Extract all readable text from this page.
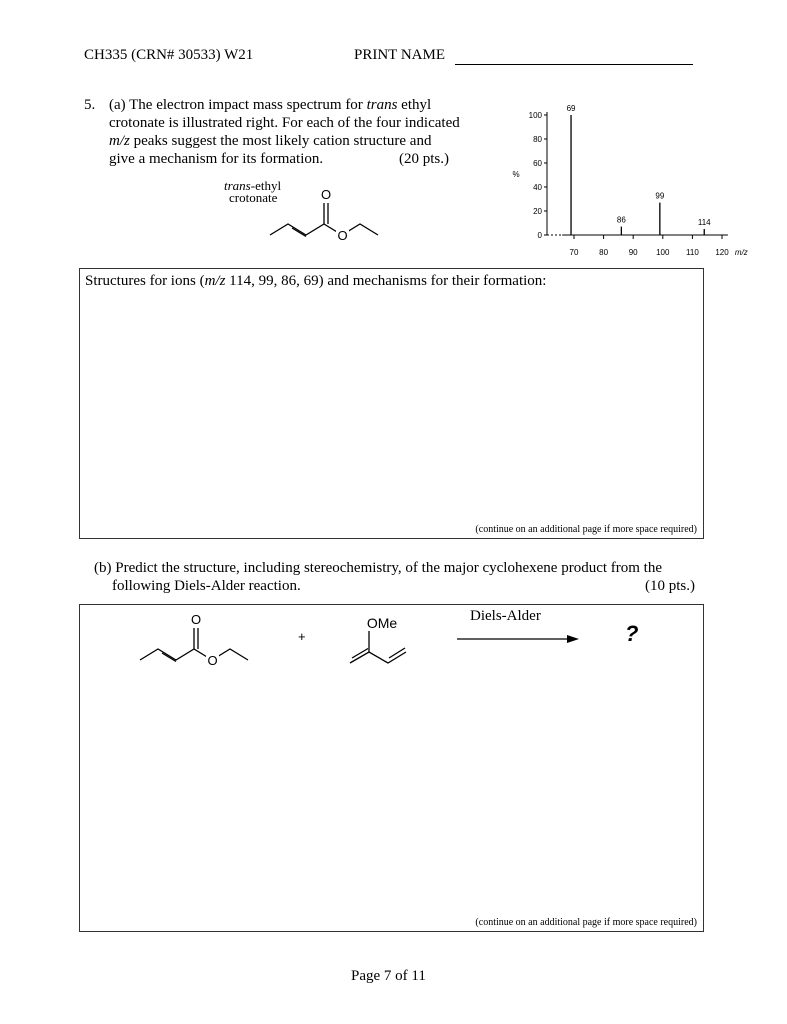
CH335 (CRN# 30533) W21	PRINT NAME
5. (a) The electron impact mass spectrum for trans ethyl
crotonate is illustrated right. For each of the four indicated
m/z peaks suggest the most likely cation structure and
give a mechanism for its formation.	(20 pts.)
trans-ethyl
crotonate	O
O	0
20
40
60
80
100
%
70	80	90 100 110 120 m/z
69
86
99
114
Structures for ions (m/z 114, 99, 86, 69) and mechanisms for their formation:
(continue on an additional page if more space required)
(b) Predict the structure, including stereochemistry, of the major cyclohexene product from the
following Diels-Alder reaction.	(10 pts.)
O
O
+
OMe	Diels-Alder
?
(continue on an additional page if more space required)
Page 7 of 11
